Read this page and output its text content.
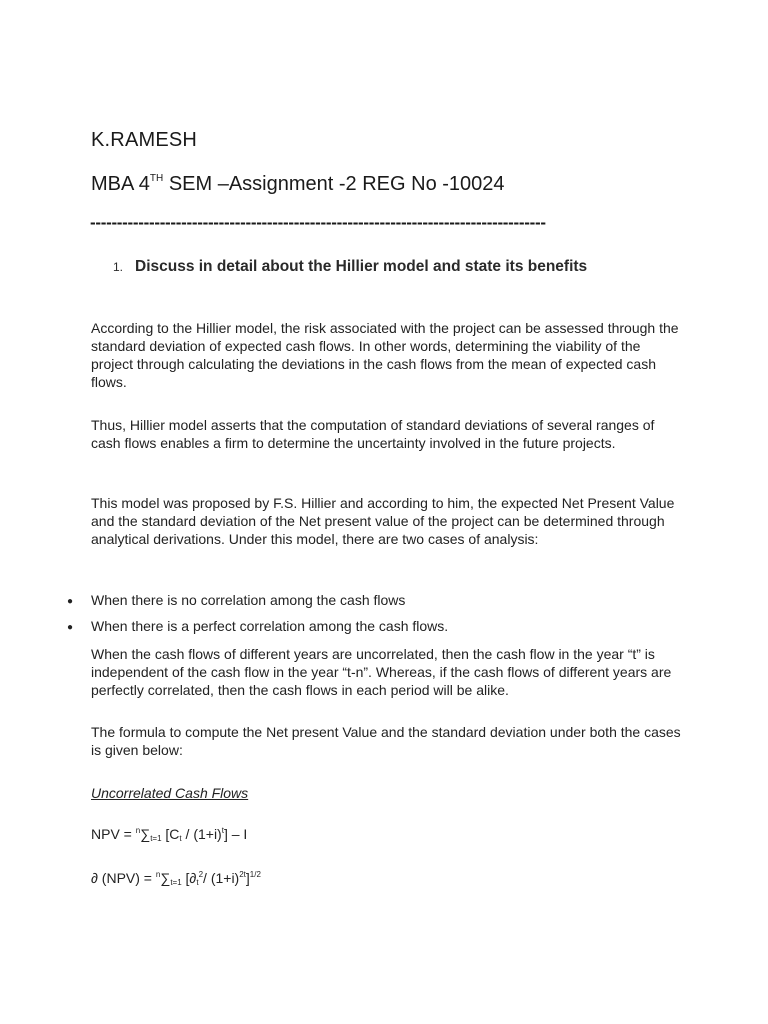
K.RAMESH
MBA 4TH SEM –Assignment -2 REG No -10024
-------------------------------------------------------------------------------------
1. Discuss in detail about the Hillier model and state its benefits

According to the Hillier model, the risk associated with the project can be assessed through the standard deviation of expected cash flows. In other words, determining the viability of the project through calculating the deviations in the cash flows from the mean of expected cash flows.

Thus, Hillier model asserts that the computation of standard deviations of several ranges of cash flows enables a firm to determine the uncertainty involved in the future projects.

This model was proposed by F.S. Hillier and according to him, the expected Net Present Value and the standard deviation of the Net present value of the project can be determined through analytical derivations. Under this model, there are two cases of analysis:

● When there is no correlation among the cash flows
● When there is a perfect correlation among the cash flows.

When the cash flows of different years are uncorrelated, then the cash flow in the year “t” is independent of the cash flow in the year “t-n”. Whereas, if the cash flows of different years are perfectly correlated, then the cash flows in each period will be alike.

The formula to compute the Net present Value and the standard deviation under both the cases is given below:

Uncorrelated Cash Flows

NPV = $^n\sum_{t=1}$ $[C_t / (1+i)^t] - I$
∂ $(NPV) = ^n\sum_{t=1}$ [$\partial_t^2/$ $(1+i)^{2t}]^{1/2}$
